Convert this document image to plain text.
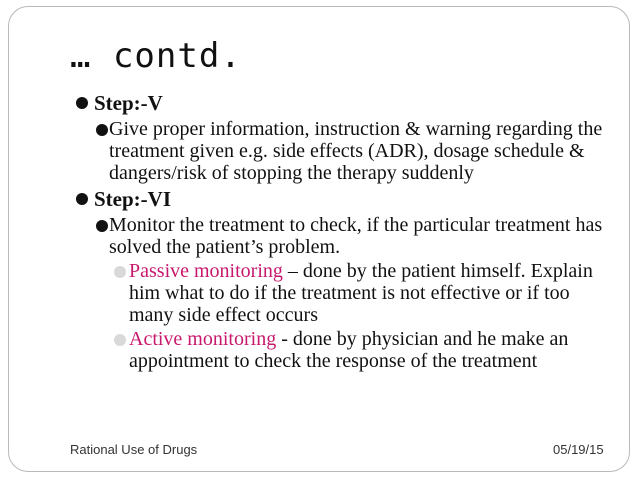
… contd.
Step:-V
Give proper information, instruction & warning regarding the treatment given e.g. side effects (ADR), dosage schedule & dangers/risk of stopping the therapy suddenly
Step:-VI
Monitor the treatment to check, if the particular treatment has solved the patient’s problem.
Passive monitoring – done by the patient himself. Explain him what to do if the treatment is not effective or if too many side effect occurs
Active monitoring - done by physician and he make an appointment to check the response of the treatment
Rational Use of Drugs	05/19/15
